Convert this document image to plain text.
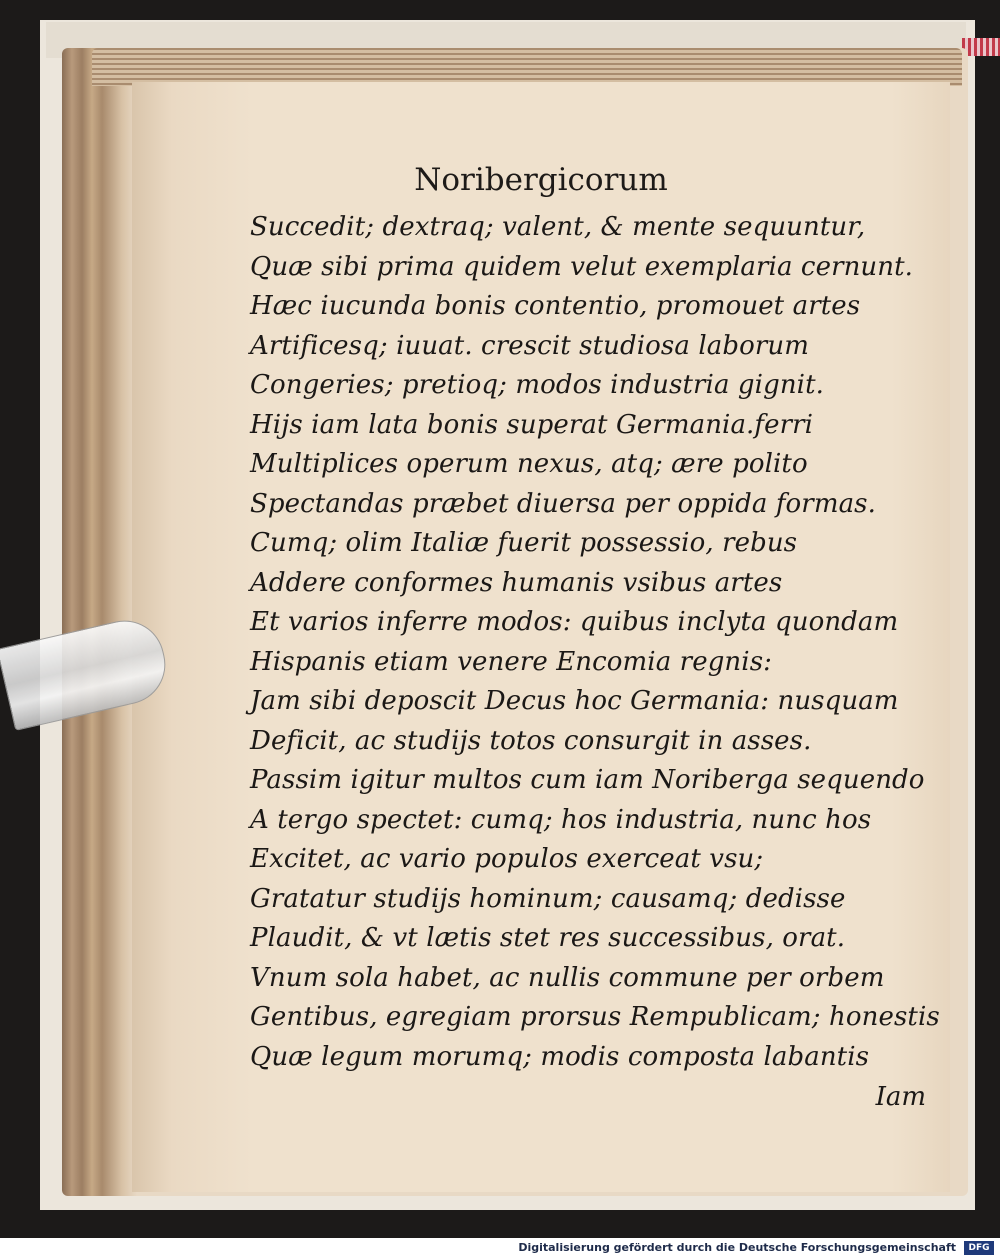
Noribergicorum
Succedit; dextraq; valent, & mente sequuntur,
Quæ sibi prima quidem velut exemplaria cernunt.
Hæc iucunda bonis contentio, promouet artes
Artificesq; iuuat. crescit studiosa laborum
Congeries; pretioq; modos industria gignit.
Hijs iam lata bonis superat Germania.ferri
Multiplices operum nexus, atq; ære polito
Spectandas præbet diuersa per oppida formas.
Cumq; olim Italiæ fuerit possessio, rebus
Addere conformes humanis vsibus artes
Et varios inferre modos: quibus inclyta quondam
Hispanis etiam venere Encomia regnis:
Jam sibi deposcit Decus hoc Germania: nusquam
Deficit, ac studijs totos consurgit in asses.
Passim igitur multos cum iam Noriberga sequendo
A tergo spectet: cumq; hos industria, nunc hos
Excitet, ac vario populos exerceat vsu;
Gratatur studijs hominum; causamq; dedisse
Plaudit, & vt lætis stet res successibus, orat.
Vnum sola habet, ac nullis commune per orbem
Gentibus, egregiam prorsus Rempublicam; honestis
Quæ legum morumq; modis composta labantis
Iam
Digitalisierung gefördert durch die Deutsche Forschungsgemeinschaft	DFG
